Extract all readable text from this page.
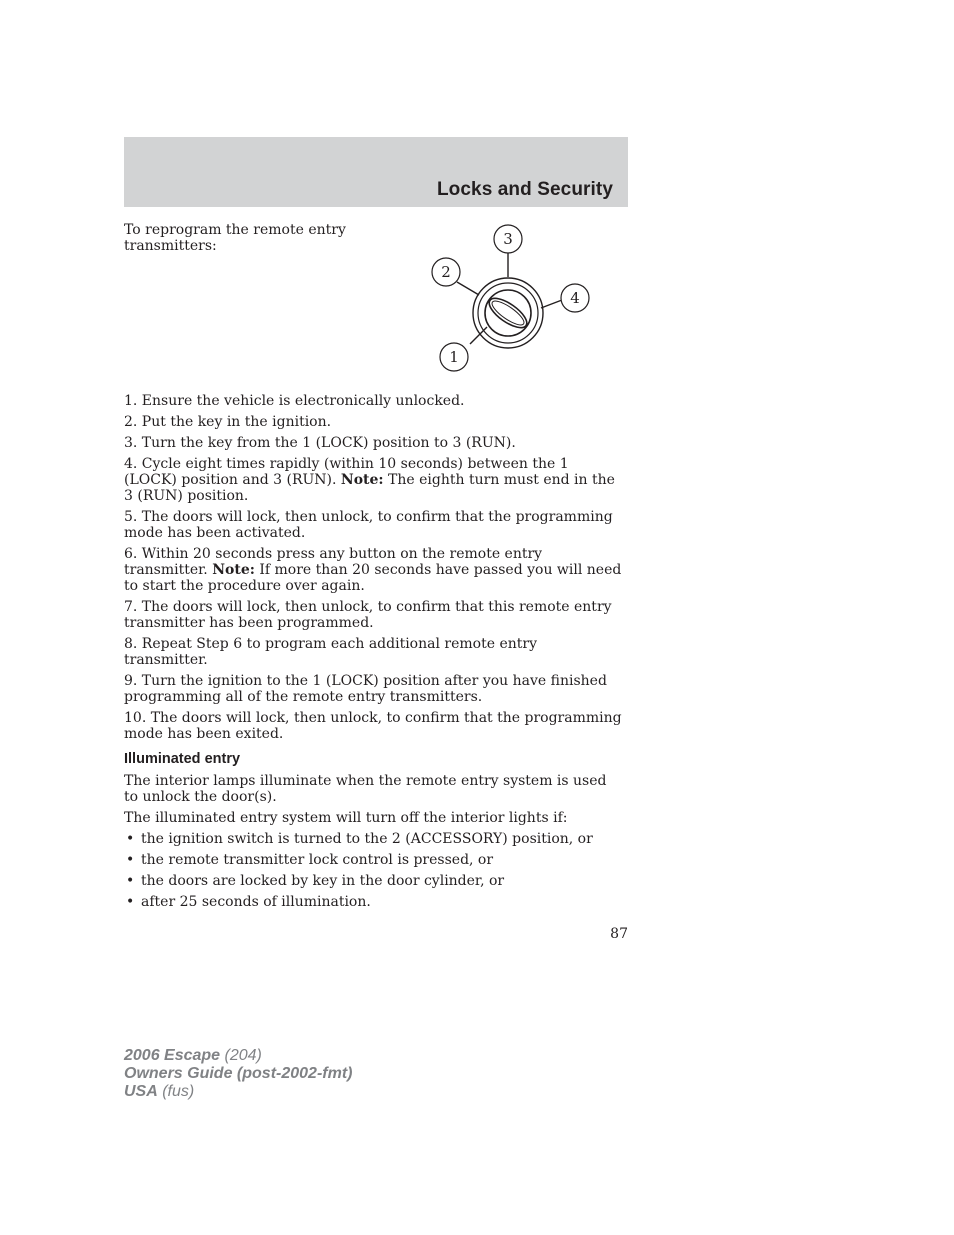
Locks and Security
To reprogram the remote entry transmitters:
1
2
3
4

1. Ensure the vehicle is electronically unlocked.

2. Put the key in the ignition.

3. Turn the key from the 1 (LOCK) position to 3 (RUN).

4. Cycle eight times rapidly (within 10 seconds) between the 1 (LOCK) position and 3 (RUN). Note: The eighth turn must end in the 3 (RUN) position.

5. The doors will lock, then unlock, to confirm that the programming mode has been activated.

6. Within 20 seconds press any button on the remote entry transmitter. Note: If more than 20 seconds have passed you will need to start the procedure over again.

7. The doors will lock, then unlock, to confirm that this remote entry transmitter has been programmed.

8. Repeat Step 6 to program each additional remote entry transmitter.

9. Turn the ignition to the 1 (LOCK) position after you have finished programming all of the remote entry transmitters.

10. The doors will lock, then unlock, to confirm that the programming mode has been exited.

Illuminated entry

The interior lamps illuminate when the remote entry system is used to unlock the door(s).

The illuminated entry system will turn off the interior lights if:

• the ignition switch is turned to the 2 (ACCESSORY) position, or
• the remote transmitter lock control is pressed, or
• the doors are locked by key in the door cylinder, or
• after 25 seconds of illumination.
87
2006 Escape (204)
Owners Guide (post-2002-fmt)
USA (fus)
